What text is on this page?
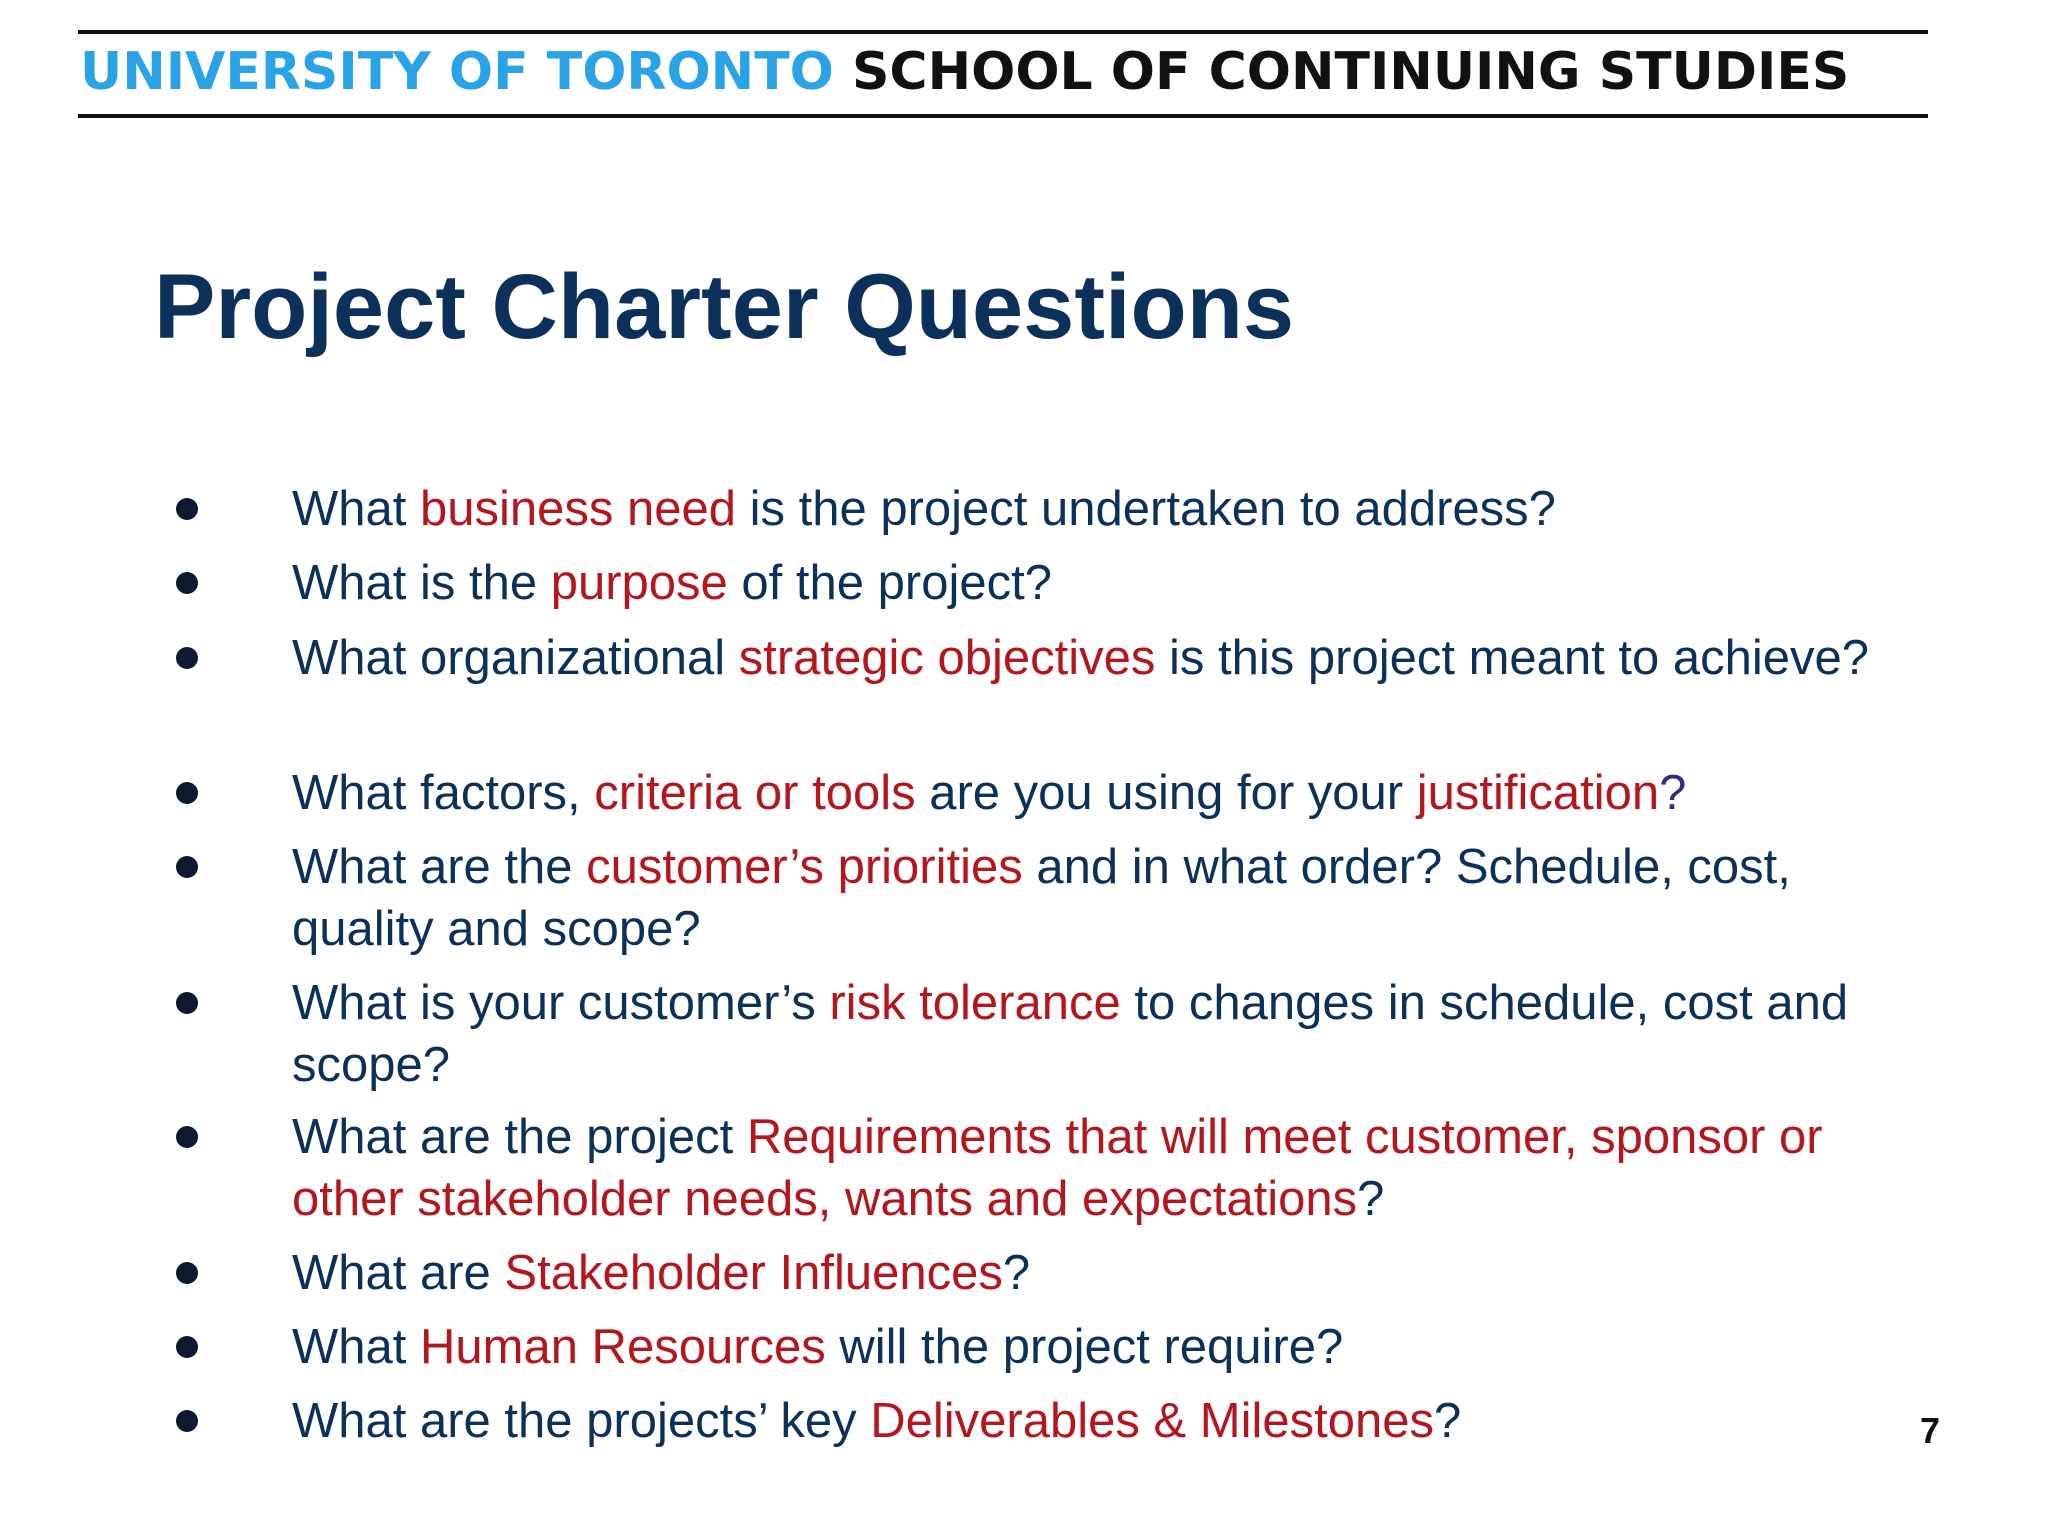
UNIVERSITY OF TORONTO SCHOOL OF CONTINUING STUDIES
Project Charter Questions
What business need is the project undertaken to address?
What is the purpose of the project?
What organizational strategic objectives is this project meant to achieve?
What factors, criteria or tools are you using for your justification?
What are the customer’s priorities and in what order? Schedule, cost, quality and scope?
What is your customer’s risk tolerance to changes in schedule, cost and scope?
What are the project Requirements that will meet customer, sponsor or other stakeholder needs, wants and expectations?
What are Stakeholder Influences?
What Human Resources will the project require?
What are the projects’ key Deliverables & Milestones?	7
